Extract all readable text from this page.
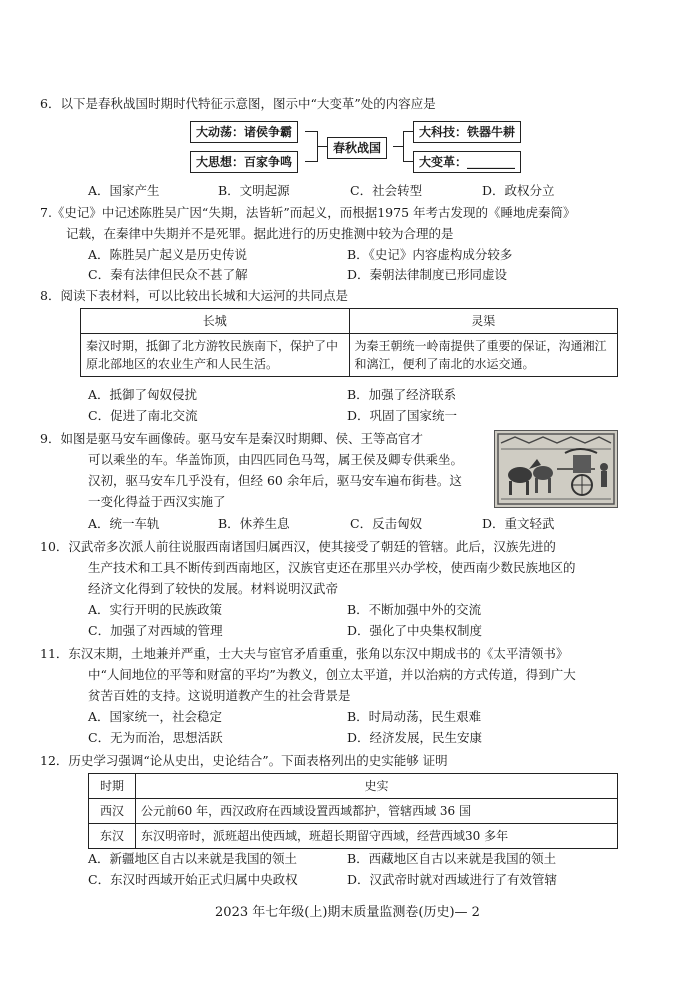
6．以下是春秋战国时期时代特征示意图，图示中“大变革”处的内容应是
大动荡：诸侯争霸
大思想：百家争鸣
春秋战国
大科技：铁器牛耕
大变革：________
A．国家产生	B．文明起源	C．社会转型	D．政权分立
7.《史记》中记述陈胜吴广因“失期，法皆斩”而起义，而根据1975 年考古发现的《睡地虎秦简》
记载，在秦律中失期并不是死罪。据此进行的历史推测中较为合理的是
A．陈胜吴广起义是历史传说	B．《史记》内容虚构成分较多
C．秦有法律但民众不甚了解	D．秦朝法律制度已形同虚设
8．阅读下表材料，可以比较出长城和大运河的共同点是
长城	灵渠
秦汉时期，抵御了北方游牧民族南下，保护了中原北部地区的农业生产和人民生活。	为秦王朝统一岭南提供了重要的保证，沟通湘江和漓江，便利了南北的水运交通。
A．抵御了匈奴侵扰	B．加强了经济联系
C．促进了南北交流	D．巩固了国家统一
9．如图是驱马安车画像砖。驱马安车是秦汉时期卿、侯、王等高官才
可以乘坐的车。华盖饰顶，由四匹同色马驾，属王侯及卿专供乘坐。
汉初，驱马安车几乎没有，但经 60 余年后，驱马安车遍布街巷。这
一变化得益于西汉实施了
A．统一车轨	B．休养生息	C．反击匈奴	D．重文轻武
10．汉武帝多次派人前往说服西南诸国归属西汉，使其接受了朝廷的管辖。此后，汉族先进的
生产技术和工具不断传到西南地区，汉族官吏还在那里兴办学校，使西南少数民族地区的
经济文化得到了较快的发展。材料说明汉武帝
A．实行开明的民族政策	B．不断加强中外的交流
C．加强了对西域的管理	D．强化了中央集权制度
11．东汉末期，土地兼并严重，士大夫与宦官矛盾重重，张角以东汉中期成书的《太平清领书》
中“人间地位的平等和财富的平均”为教义，创立太平道，并以治病的方式传道，得到广大
贫苦百姓的支持。这说明道教产生的社会背景是
A．国家统一，社会稳定	B．时局动荡，民生艰难
C．无为而治，思想活跃	D．经济发展，民生安康
12．历史学习强调“论从史出，史论结合”。下面表格列出的史实能够 证明
时期	史实
西汉	公元前60 年，西汉政府在西域设置西域都护，管辖西域 36 国
东汉	东汉明帝时，派班超出使西域，班超长期留守西域，经营西域30 多年
A．新疆地区自古以来就是我国的领土	B．西藏地区自古以来就是我国的领土
C．东汉时西域开始正式归属中央政权	D．汉武帝时就对西域进行了有效管辖
2023 年七年级(上)期末质量监测卷(历史)— 2
